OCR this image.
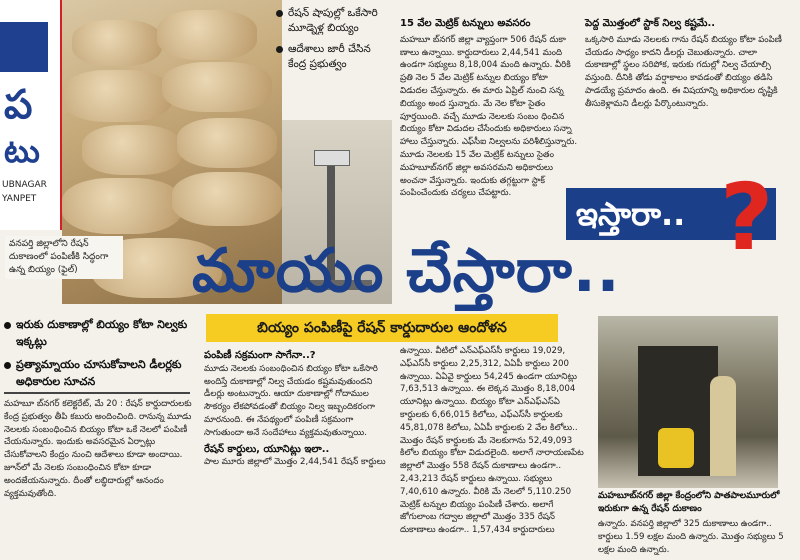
ప
టు
UBNAGAR
YANPET
వనపర్తి జిల్లాలోని రేషన్ దుకాణంలో పంపిణీకి సిద్ధంగా ఉన్న బియ్యం (ఫైల్)
రేషన్ షాపుల్లో ఒకేసారి మూడ్నెళ్ల బియ్యం
ఆదేశాలు జారీ చేసిన కేంద్ర ప్రభుత్వం
15 వేల మెట్రిక్ టన్నులు అవసరం
మహబూ బ్‌నగర్ జిల్లా వ్యాప్తంగా 506 రేషన్ దుకా ణాలు ఉన్నాయి. కార్డుదారులు 2,44,541 మంది ఉండగా సభ్యులు 8,18,004 మంది ఉన్నారు. వీరికి ప్రతి నెల 5 వేల మెట్రిక్ టన్నుల బియ్యం కోటా విడుదల చేస్తున్నారు. ఈ మారు ఏప్రిల్ నుంచి సన్న బియ్యం అంద స్తున్నారు. మే నెల కోటా సైతం పూర్తయింది. వచ్చే మూడు నెలలకు సంబం ధించిన బియ్యం కోటా విడుదల చేసేందుకు అధికారులు సన్నా హాలు చేస్తున్నారు. ఎఫ్‌సీఐ నిల్వలను పరిశీలిస్తున్నారు. మూడు నెలలకు 15 వేల మెట్రిక్ టన్నులు సైతం మహబూబ్‌నగర్ జిల్లా అవసరమని అధికారులు అంచనా వేస్తున్నారు. ఇందుకు తగ్గట్టుగా స్టాక్ పంపించేందుకు చర్యలు చేపట్టారు.
పెద్ద మొత్తంలో స్టాక్ నిల్వ కష్టమే..
ఒక్కసారి మూడు నెలలకు గాను రేషన్ బియ్యం కోటా పంపిణీ చేయడం సాధ్యం కాదని డీలర్లు చెబుతున్నారు. చాలా దుకాణాల్లో స్థలం సరిపోక, ఇరుకు గదుల్లో నిల్వ చేయాల్సి వస్తుంది. దీనికి తోడు వర్షాకాలం కావడంతో బియ్యం తడిసి పాడయ్యే ప్రమాదం ఉంది. ఈ విషయాన్ని అధికారుల దృష్టికి తీసుకెళ్లామని డీలర్లు పేర్కొంటున్నారు.
ఇస్తారా.. ?
మాయం చేస్తారా..
బియ్యం పంపిణీపై రేషన్ కార్డుదారుల ఆందోళన
ఇరుకు దుకాణాల్లో బియ్యం కోటా నిల్వకు ఇక్కట్లు
ప్రత్యామ్నాయం చూసుకోవాలని డీలర్లకు అధికారుల సూచన
మహబూ బ్‌నగర్ కలెక్టరేట్, మే 20 : రేషన్ కార్డుదారులకు కేంద్ర ప్రభుత్వం తీపి కబురు అందించింది. రానున్న మూడు నెలలకు సంబంధించిన బియ్యం కోటా ఒకే నెలలో పంపిణీ చేయనున్నారు. ఇందుకు అవసరమైన ఏర్పాట్లు చేసుకోవాలని కేంద్రం నుంచి ఆదేశాలు కూడా అందాయి. జూన్‌లో మే నెలకు సంబంధించిన కోటా కూడా అందజేయనున్నారు. దీంతో లబ్ధిదారుల్లో ఆనందం వ్యక్తమవుతోంది.
పంపిణీ సక్రమంగా సాగేనా..?
మూడు నెలలకు సంబంధించిన బియ్యం కోటా ఒకేసారి అందిస్తే దుకాణాల్లో నిల్వ చేయడం కష్టమవుతుందని డీలర్లు అంటున్నారు. ఆయా దుకాణాల్లో గోదాముల సౌకర్యం లేకపోవడంతో బియ్యం నిల్వ ఇబ్బందికరంగా మారనుంది. ఈ నేపథ్యంలో పంపిణీ సక్రమంగా సాగుతుందా అనే సందేహాలు వ్యక్తమవుతున్నాయి.
రేషన్ కార్డులు, యూనిట్లు ఇలా..
పాల మూరు జిల్లాలో మొత్తం 2,44,541 రేషన్ కార్డులు
ఉన్నాయి. వీటిలో ఎన్‌ఎఫ్‌ఎస్‌సీ కార్డులు 19,029, ఎఫ్‌ఎస్‌సీ కార్డులు 2,25,312, ఏఏపీ కార్డులు 200 ఉన్నాయి. ఏఏవై కార్డులు 54,245 ఉండగా యూనిట్లు 7,63,513 ఉన్నాయి. ఈ లెక్కన మొత్తం 8,18,004 యూనిట్లు ఉన్నాయి. బియ్యం కోటా ఎన్‌ఎఫ్‌ఎస్‌ఏ కార్డులకు 6,66,015 కిలోలు, ఎఫ్‌ఎస్‌సీ కార్డులకు 45,81,078 కిలోలు, ఏఏపీ కార్డులకు 2 వేల కిలోలు.. మొత్తం రేషన్ కార్డులకు మే నెలకుగాను 52,49,093 కిలోల బియ్యం కోటా విడుదలైంది. అలాగే నారాయణపేట జిల్లాలో మొత్తం 558 రేషన్ దుకాణాలు ఉండగా.. 2,43,213 రేషన్ కార్డులు ఉన్నాయి. సభ్యులు 7,40,610 ఉన్నారు. వీరికి మే నెలలో 5,110.250 మెట్రిక్ టన్నుల బియ్యం పంపిణీ చేశారు. అలాగే జోగులాంబ గద్వాల జిల్లాలో మొత్తం 335 రేషన్ దుకాణాలు ఉండగా.. 1,57,434 కార్డుదారులు
మహబూబ్‌నగర్ జిల్లా కేంద్రంలోని పాతపాలమూరులో ఇరుకుగా ఉన్న రేషన్ దుకాణం
ఉన్నారు. వనపర్తి జిల్లాలో 325 దుకాణాలు ఉండగా.. కార్డులు 1.59 లక్షల మంది ఉన్నారు. మొత్తం సభ్యులు 5 లక్షల మంది ఉన్నారు.
